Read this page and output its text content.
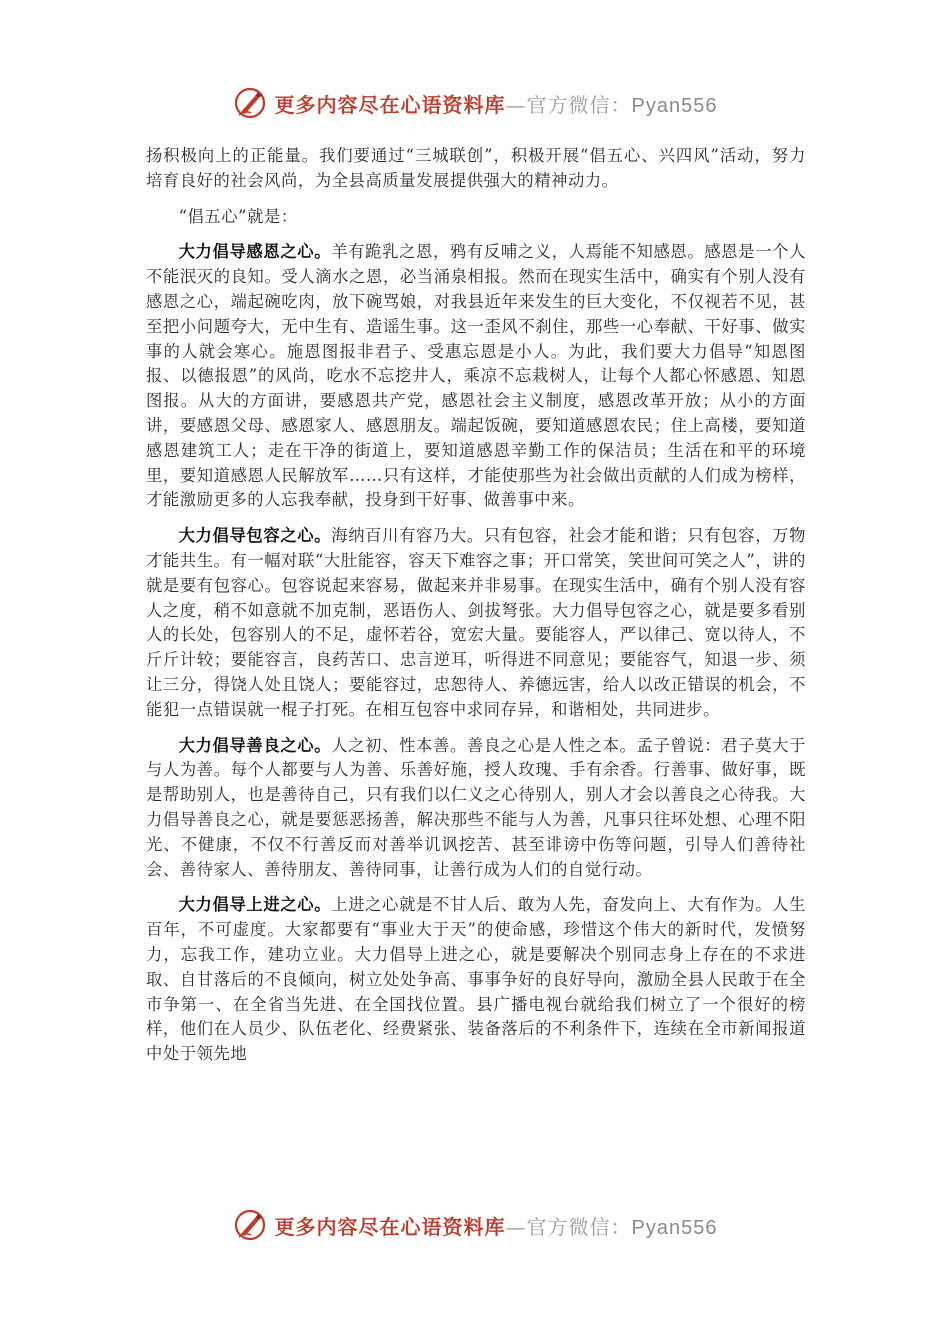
更多内容尽在心语资料库—官方微信：Pyan556

扬积极向上的正能量。我们要通过“三城联创”，积极开展“倡五心、兴四风”活动，努力培育良好的社会风尚，为全县高质量发展提供强大的精神动力。

“倡五心”就是：

大力倡导感恩之心。羊有跪乳之恩，鸦有反哺之义，人焉能不知感恩。感恩是一个人不能泯灭的良知。受人滴水之恩，必当涌泉相报。然而在现实生活中，确实有个别人没有感恩之心，端起碗吃肉，放下碗骂娘，对我县近年来发生的巨大变化，不仅视若不见，甚至把小问题夸大，无中生有、造谣生事。这一歪风不刹住，那些一心奉献、干好事、做实事的人就会寒心。施恩图报非君子、受惠忘恩是小人。为此，我们要大力倡导“知恩图报、以德报恩”的风尚，吃水不忘挖井人，乘凉不忘栽树人，让每个人都心怀感恩、知恩图报。从大的方面讲，要感恩共产党，感恩社会主义制度，感恩改革开放；从小的方面讲，要感恩父母、感恩家人、感恩朋友。端起饭碗，要知道感恩农民；住上高楼，要知道感恩建筑工人；走在干净的街道上，要知道感恩辛勤工作的保洁员；生活在和平的环境里，要知道感恩人民解放军……只有这样，才能使那些为社会做出贡献的人们成为榜样，才能激励更多的人忘我奉献，投身到干好事、做善事中来。

大力倡导包容之心。海纳百川有容乃大。只有包容，社会才能和谐；只有包容，万物才能共生。有一幅对联“大肚能容，容天下难容之事；开口常笑，笑世间可笑之人”，讲的就是要有包容心。包容说起来容易，做起来并非易事。在现实生活中，确有个别人没有容人之度，稍不如意就不加克制，恶语伤人、剑拔弩张。大力倡导包容之心，就是要多看别人的长处，包容别人的不足，虚怀若谷，宽宏大量。要能容人，严以律己、宽以待人，不斤斤计较；要能容言，良药苦口、忠言逆耳，听得进不同意见；要能容气，知退一步、须让三分，得饶人处且饶人；要能容过，忠恕待人、养德远害，给人以改正错误的机会，不能犯一点错误就一棍子打死。在相互包容中求同存异，和谐相处，共同进步。

大力倡导善良之心。人之初、性本善。善良之心是人性之本。孟子曾说：君子莫大于与人为善。每个人都要与人为善、乐善好施，授人玫瑰、手有余香。行善事、做好事，既是帮助别人，也是善待自己，只有我们以仁义之心待别人，别人才会以善良之心待我。大力倡导善良之心，就是要惩恶扬善，解决那些不能与人为善，凡事只往坏处想、心理不阳光、不健康，不仅不行善反而对善举讥讽挖苦、甚至诽谤中伤等问题，引导人们善待社会、善待家人、善待朋友、善待同事，让善行成为人们的自觉行动。

大力倡导上进之心。上进之心就是不甘人后、敢为人先，奋发向上、大有作为。人生百年，不可虚度。大家都要有“事业大于天”的使命感，珍惜这个伟大的新时代，发愤努力，忘我工作，建功立业。大力倡导上进之心，就是要解决个别同志身上存在的不求进取、自甘落后的不良倾向，树立处处争高、事事争好的良好导向，激励全县人民敢于在全市争第一、在全省当先进、在全国找位置。县广播电视台就给我们树立了一个很好的榜样，他们在人员少、队伍老化、经费紧张、装备落后的不利条件下，连续在全市新闻报道中处于领先地

更多内容尽在心语资料库—官方微信：Pyan556
